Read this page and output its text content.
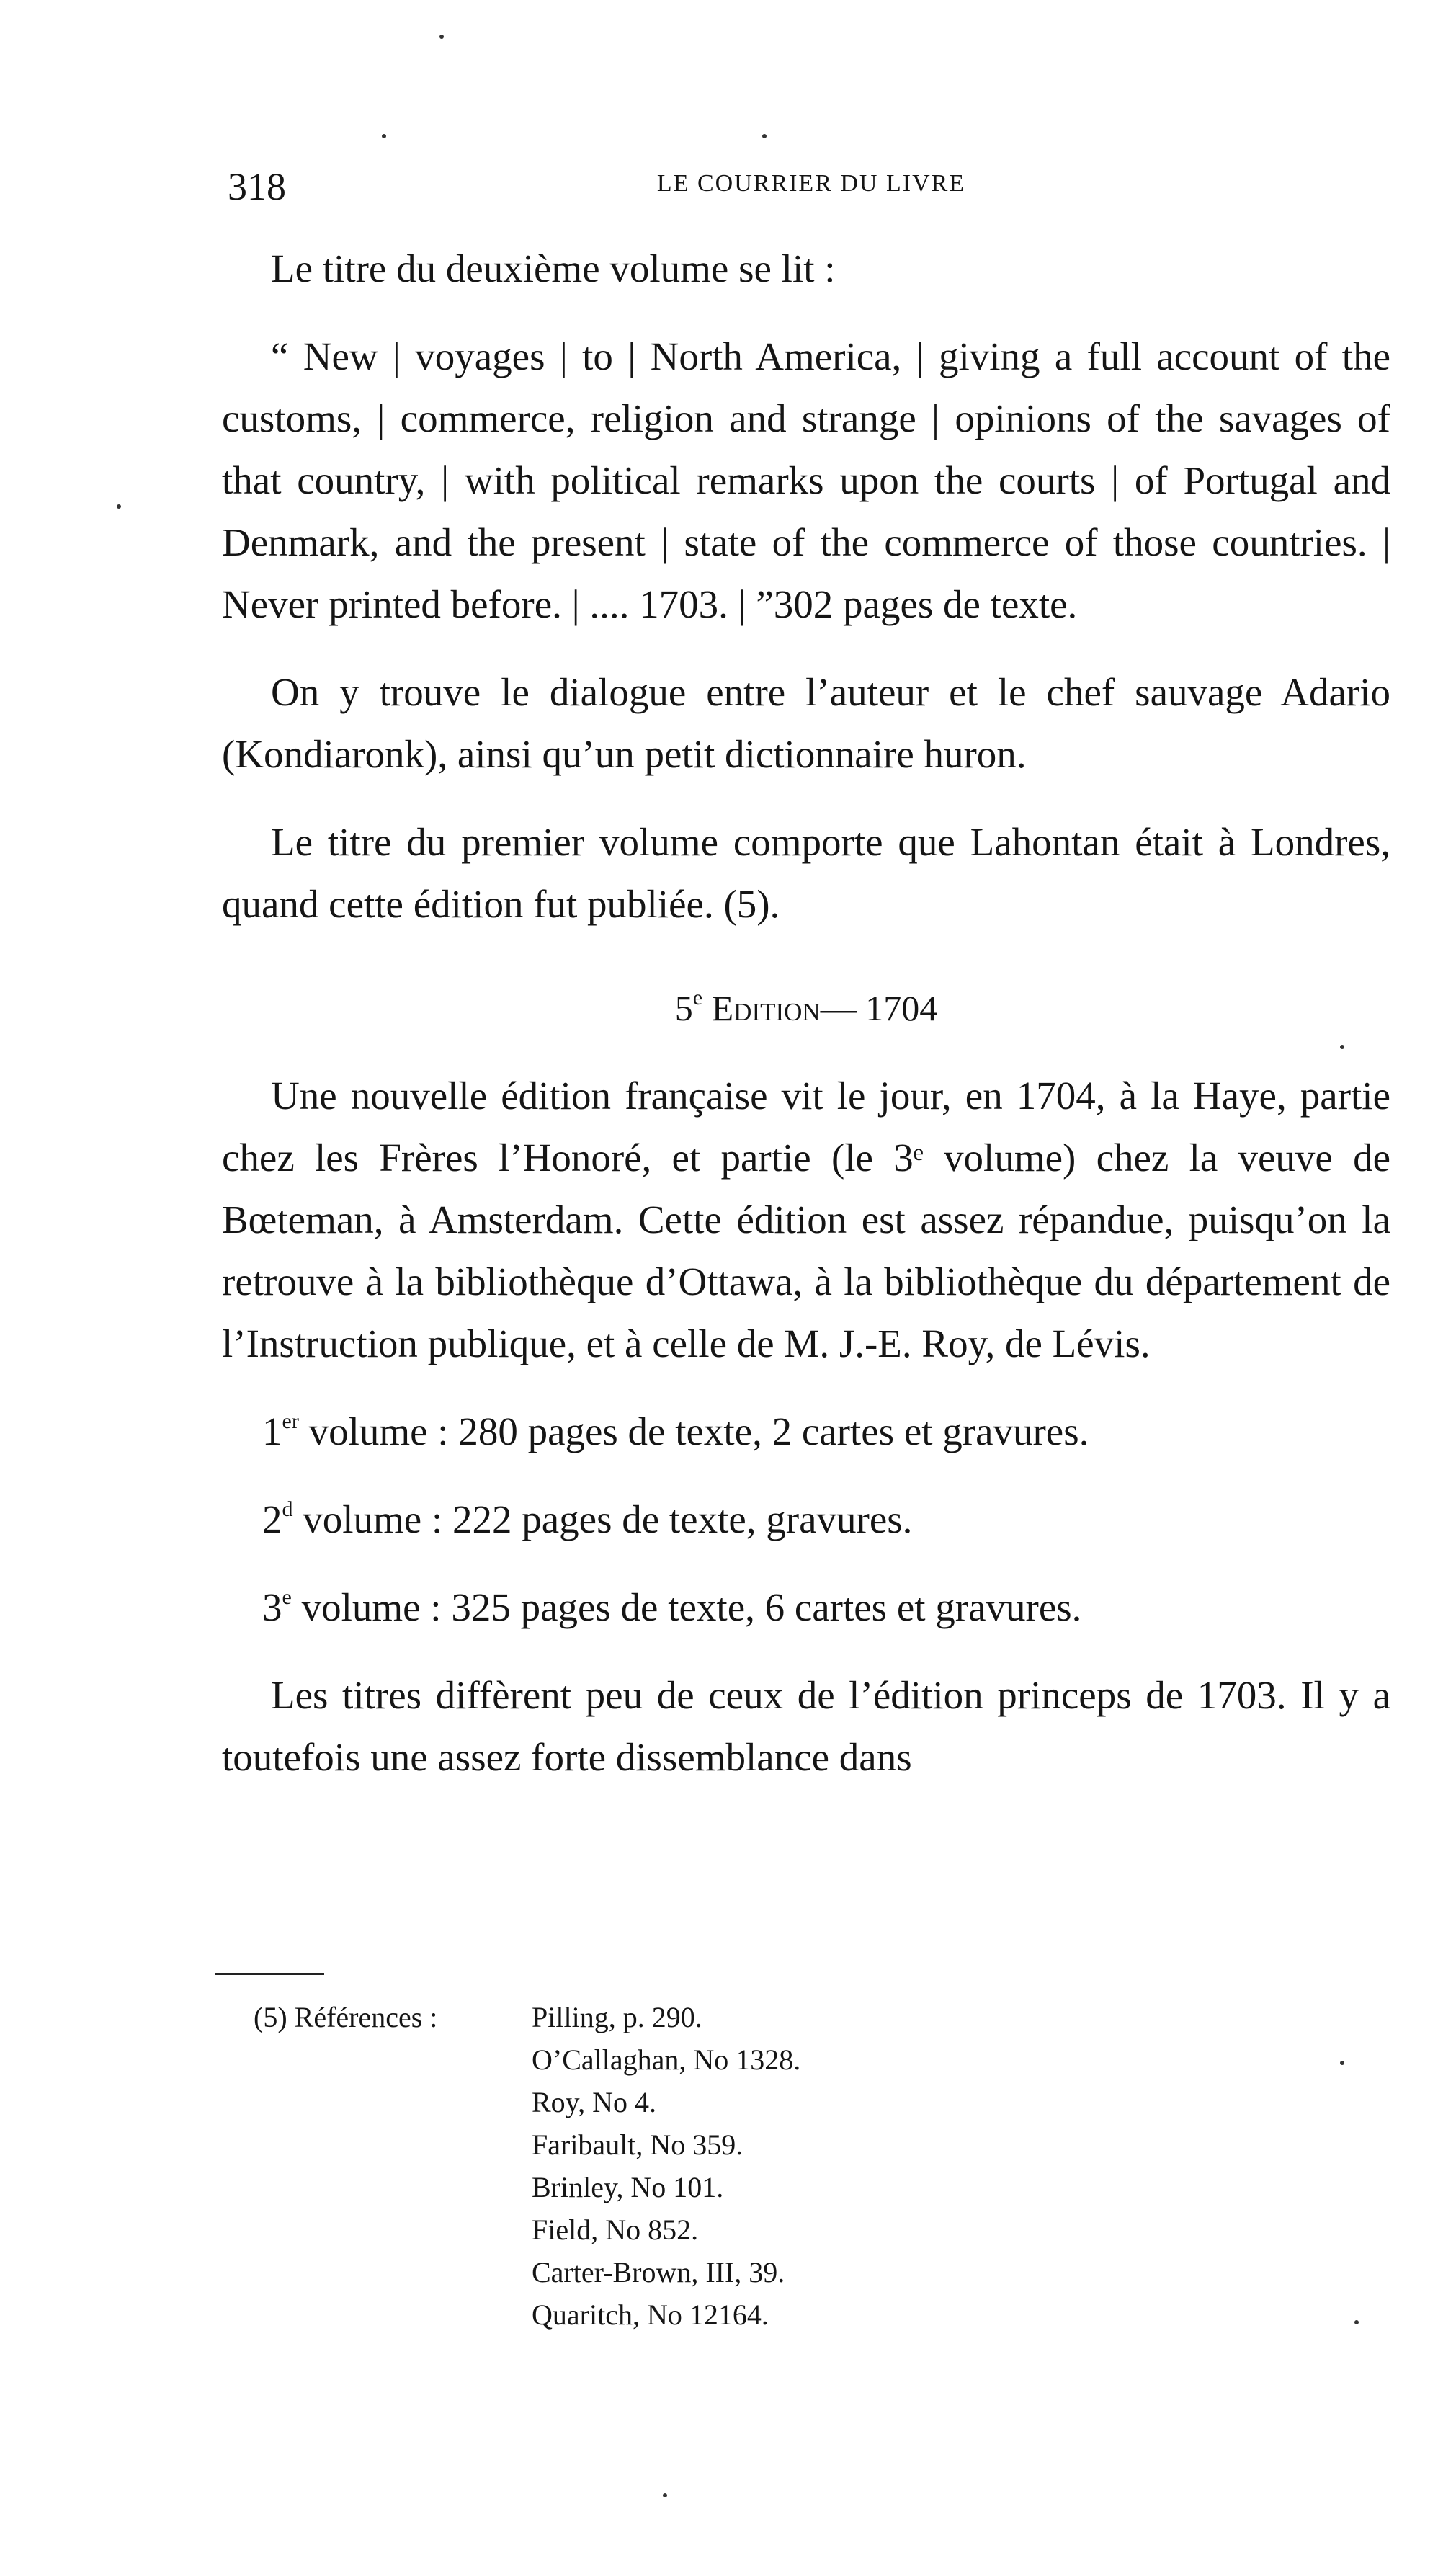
318	LE COURRIER DU LIVRE

Le titre du deuxième volume se lit :

“ New | voyages | to | North America, | giving a full account of the customs, | commerce, religion and strange | opinions of the savages of that country, | with political remarks upon the courts | of Portugal and Denmark, and the present | state of the commerce of those countries. | Never printed before. | .... 1703. | ”302 pages de texte.

On y trouve le dialogue entre l’auteur et le chef sauvage Adario (Kondiaronk), ainsi qu’un petit dictionnaire huron.

Le titre du premier volume comporte que Lahontan était à Londres, quand cette édition fut publiée. (5).

5e Edition— 1704

Une nouvelle édition française vit le jour, en 1704, à la Haye, partie chez les Frères l’Honoré, et partie (le 3ᵉ volume) chez la veuve de Bœteman, à Amsterdam. Cette édition est assez répandue, puisqu’on la retrouve à la bibliothèque d’Ottawa, à la bibliothèque du département de l’Instruction publique, et à celle de M. J.-E. Roy, de Lévis.

1er volume : 280 pages de texte, 2 cartes et gravures.

2$^d$ volume : 222 pages de texte, gravures.

3e volume : 325 pages de texte, 6 cartes et gravures.

Les titres diffèrent peu de ceux de l’édition princeps de 1703. Il y a toutefois une assez forte dissemblance dans

(5) Références :	Pilling, p. 290.
O’Callaghan, No 1328.
Roy, No 4.
Faribault, No 359.
Brinley, No 101.
Field, No 852.
Carter-Brown, III, 39.
Quaritch, No 12164.
